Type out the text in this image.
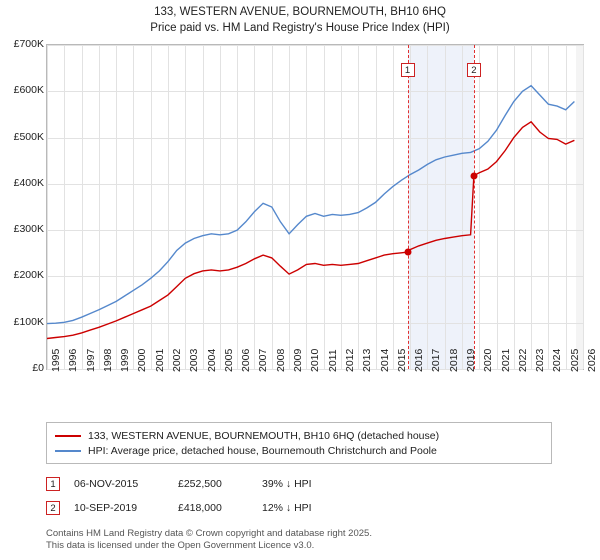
133, WESTERN AVENUE, BOURNEMOUTH, BH10 6HQ
Price paid vs. HM Land Registry's House Price Index (HPI)
1	2
133, WESTERN AVENUE, BOURNEMOUTH, BH10 6HQ (detached house)
HPI: Average price, detached house, Bournemouth Christchurch and Poole
1	06-NOV-2015	£252,500	39% ↓ HPI
2	10-SEP-2019	£418,000	12% ↓ HPI
Contains HM Land Registry data © Crown copyright and database right 2025.
This data is licensed under the Open Government Licence v3.0.
£0
£100K
£200K
£300K
£400K
£500K
£600K
£700K
1995 1996 1997 1998 1999 2000 2001 2002 2003 2004 2005 2006 2007 2008 2009 2010 2011 2012 2013 2014 2015 2016 2017 2018 2019 2020 2021 2022 2023 2024 2025 2026
